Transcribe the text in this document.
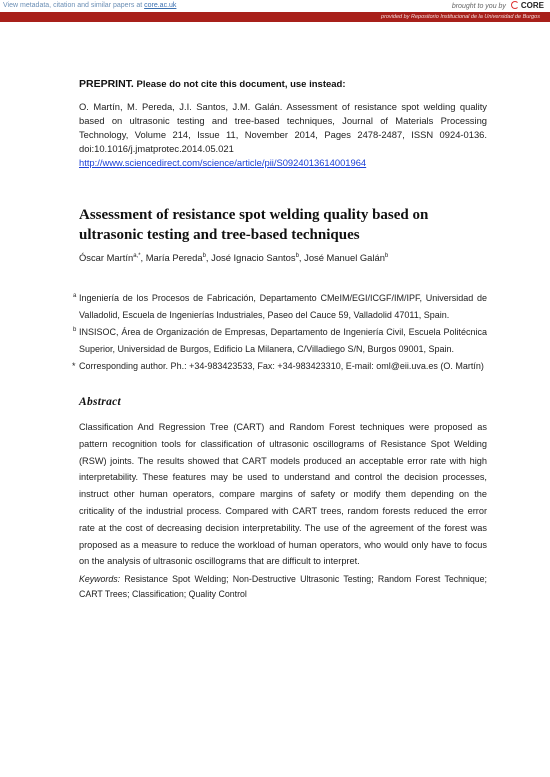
View metadata, citation and similar papers at core.ac.uk	brought to you by CORE
provided by Repositorio Institucional de la Universidad de Burgos
PREPRINT. Please do not cite this document, use instead:
O. Martín, M. Pereda, J.I. Santos, J.M. Galán. Assessment of resistance spot welding quality based on ultrasonic testing and tree-based techniques, Journal of Materials Processing Technology, Volume 214, Issue 11, November 2014, Pages 2478-2487, ISSN 0924-0136. doi:10.1016/j.jmatprotec.2014.05.021
http://www.sciencedirect.com/science/article/pii/S0924013614001964
Assessment of resistance spot welding quality based on ultrasonic testing and tree-based techniques
Óscar Martín$^{a,*}$, María Pereda$^b$, José Ignacio Santos$^b$, José Manuel Galán$^b$
a Ingeniería de los Procesos de Fabricación, Departamento CMeIM/EGI/ICGF/IM/IPF, Universidad de Valladolid, Escuela de Ingenierías Industriales, Paseo del Cauce 59, Valladolid 47011, Spain.
b INSISOC, Área de Organización de Empresas, Departamento de Ingeniería Civil, Escuela Politécnica Superior, Universidad de Burgos, Edificio La Milanera, C/Villadiego S/N, Burgos 09001, Spain.
* Corresponding author. Ph.: +34-983423533, Fax: +34-983423310, E-mail: oml@eii.uva.es (O. Martín)
Abstract
Classification And Regression Tree (CART) and Random Forest techniques were proposed as pattern recognition tools for classification of ultrasonic oscillograms of Resistance Spot Welding (RSW) joints. The results showed that CART models produced an acceptable error rate with high interpretability. These features may be used to understand and control the decision processes, instruct other human operators, compare margins of safety or modify them depending on the criticality of the industrial process. Compared with CART trees, random forests reduced the error rate at the cost of decreasing decision interpretability. The use of the agreement of the forest was proposed as a measure to reduce the workload of human operators, who would only have to focus on the analysis of ultrasonic oscillograms that are difficult to interpret.
Keywords: Resistance Spot Welding; Non-Destructive Ultrasonic Testing; Random Forest Technique; CART Trees; Classification; Quality Control
